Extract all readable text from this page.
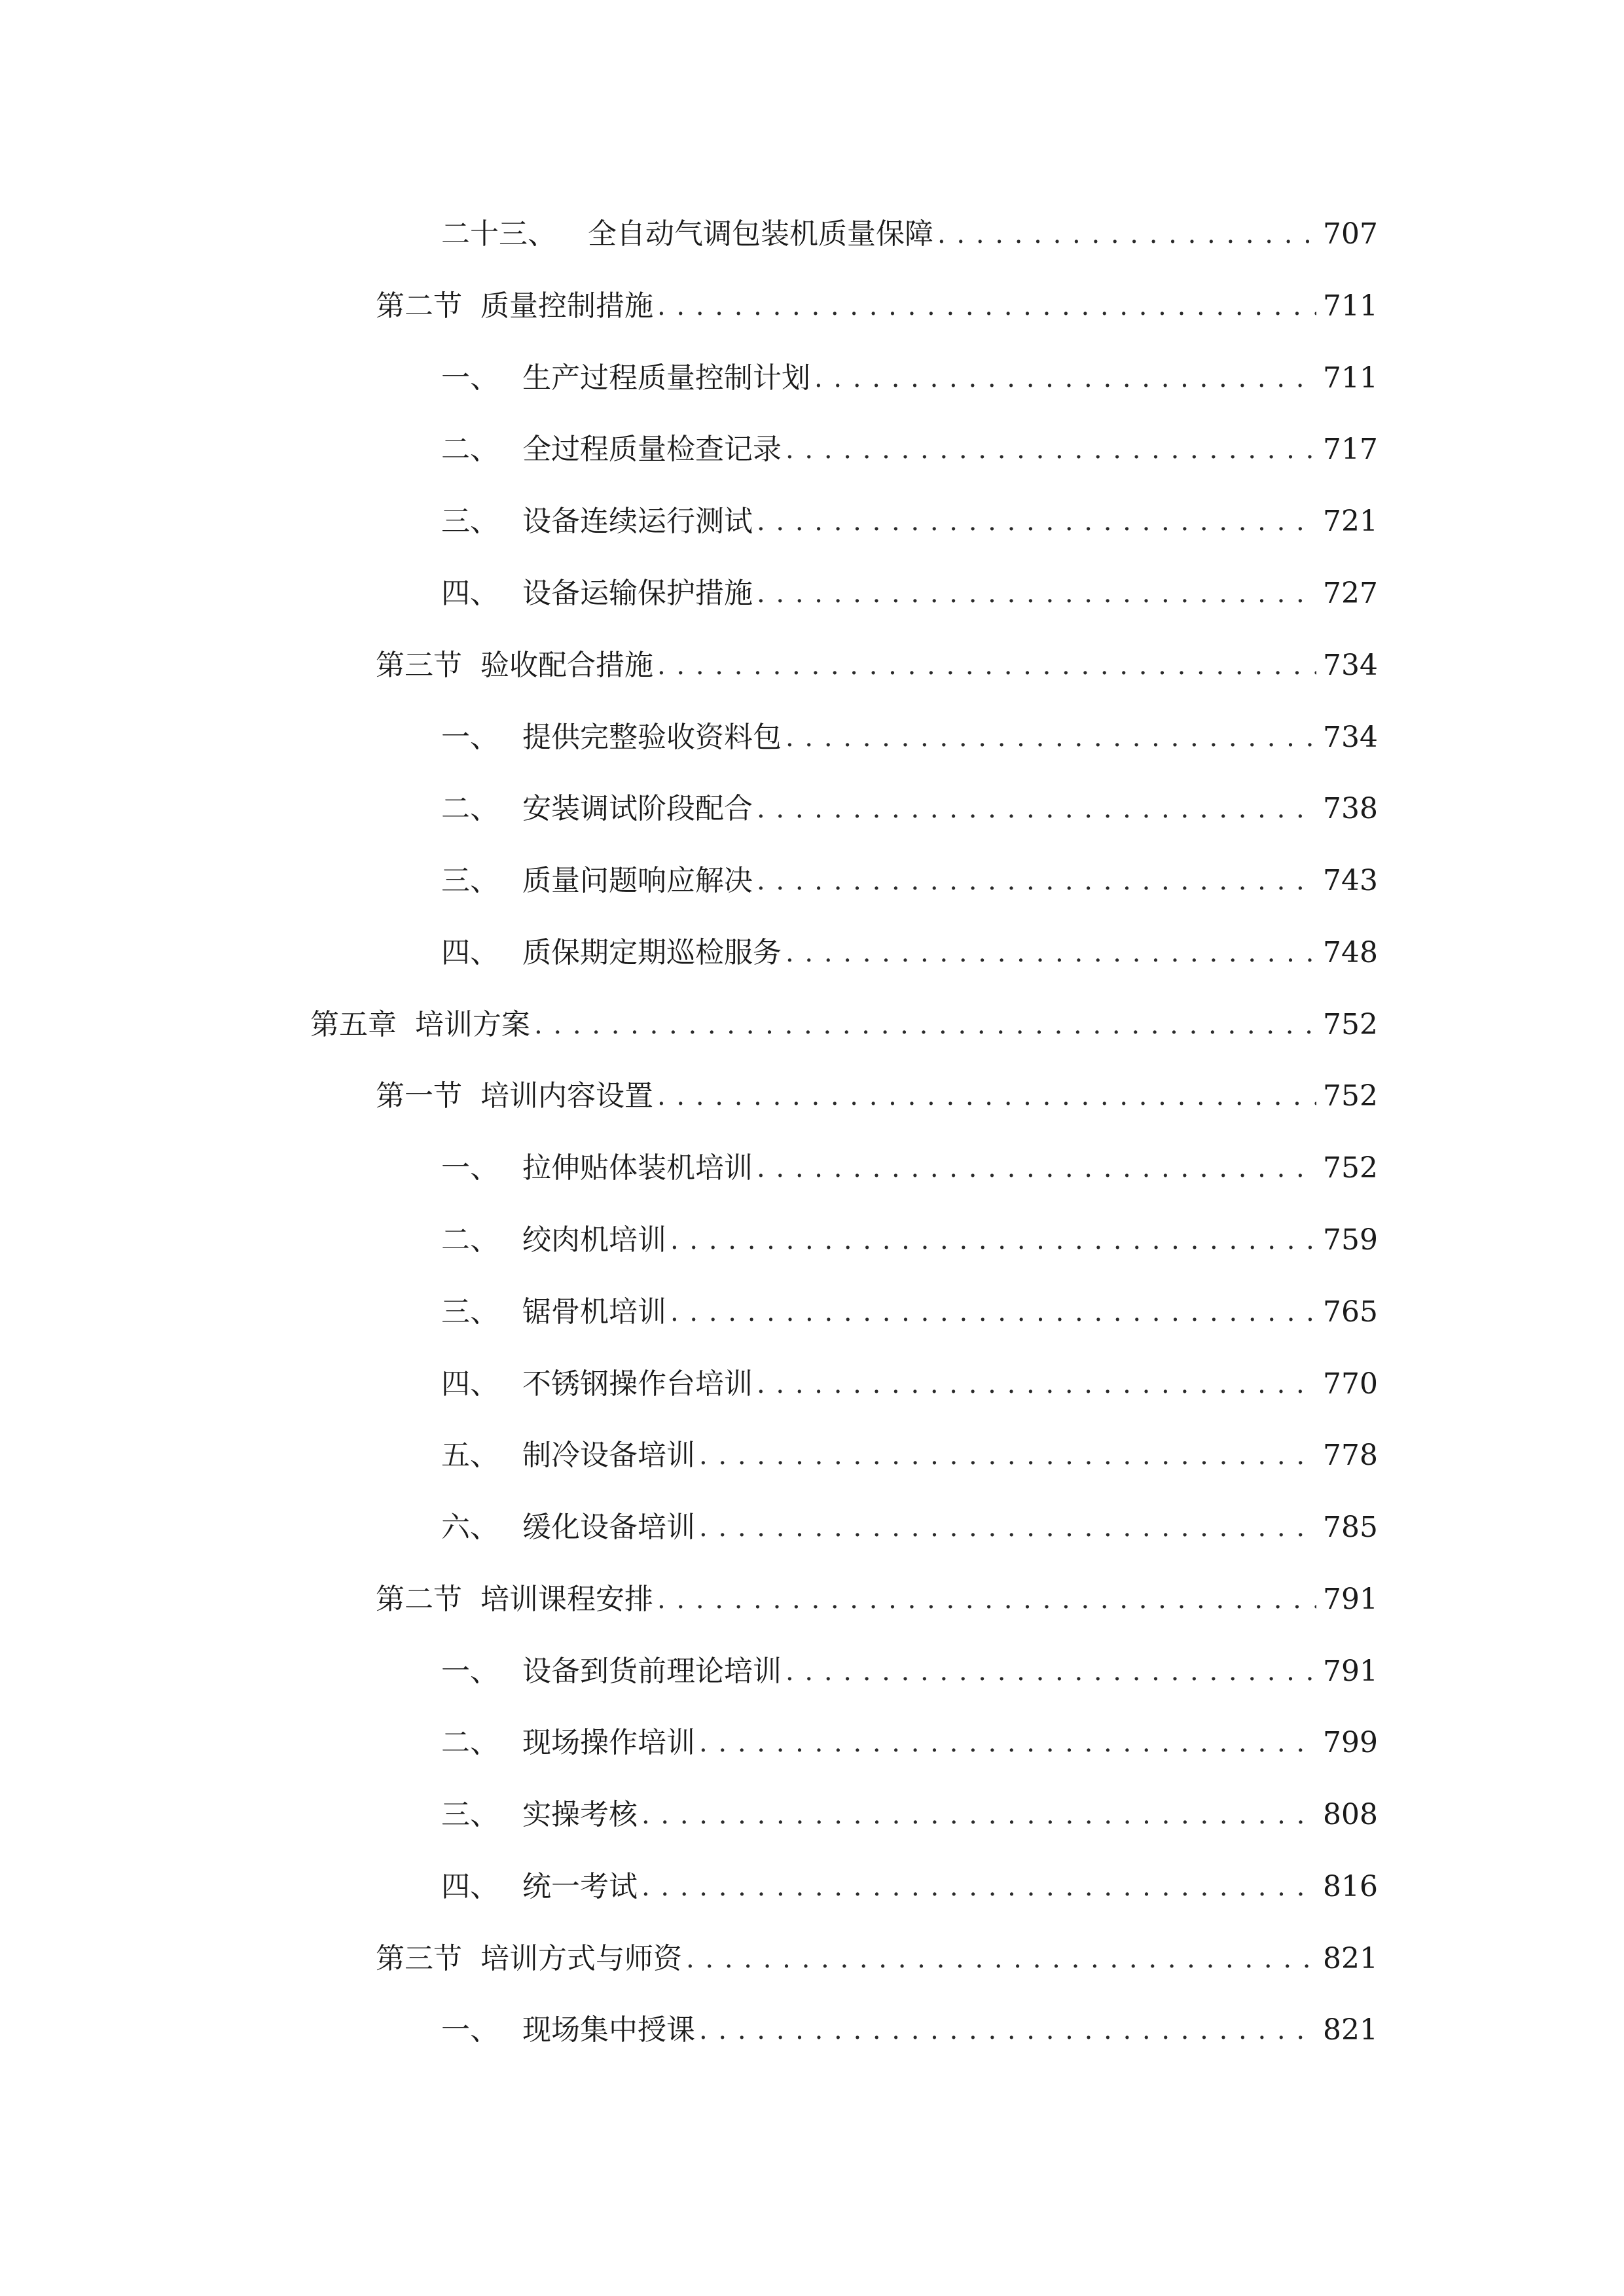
二十三、	全自动气调包装机质量保障 . . .	707
第二节 质量控制措施 . . .	711
一、 生产过程质量控制计划 . . .	711
二、 全过程质量检查记录 . . .	717
三、 设备连续运行测试 . . .	721
四、 设备运输保护措施 . . .	727
第三节 验收配合措施 . . .	734
一、 提供完整验收资料包 . . .	734
二、 安装调试阶段配合 . . .	738
三、 质量问题响应解决 . . .	743
四、 质保期定期巡检服务 . . .	748
第五章 培训方案 . . .	752
第一节 培训内容设置 . . .	752
一、 拉伸贴体装机培训 . . .	752
二、 绞肉机培训 . . .	759
三、 锯骨机培训 . . .	765
四、 不锈钢操作台培训 . . .	770
五、 制冷设备培训 . . .	778
六、 缓化设备培训 . . .	785
第二节 培训课程安排 . . .	791
一、 设备到货前理论培训 . . .	791
二、 现场操作培训 . . .	799
三、 实操考核 . . .	808
四、 统一考试 . . .	816
第三节 培训方式与师资 . . .	821
一、 现场集中授课 . . .	821
